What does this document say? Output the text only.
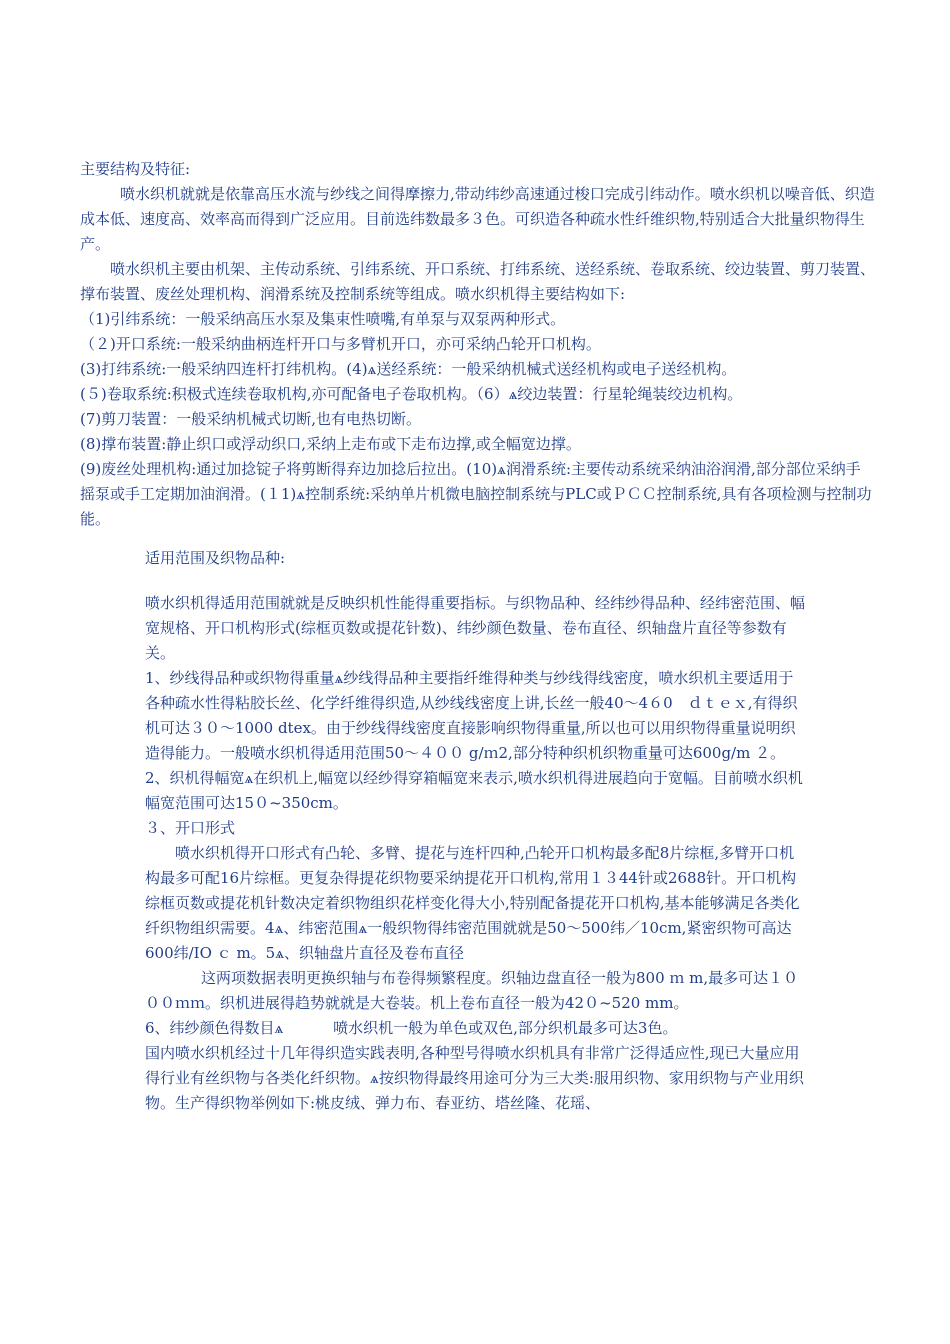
主要结构及特征:

喷水织机就就是依靠高压水流与纱线之间得摩擦力,带动纬纱高速通过梭口完成引纬动作。喷水织机以噪音低、织造成本低、速度高、效率高而得到广泛应用。目前选纬数最多３色。可织造各种疏水性纤维织物,特别适合大批量织物得生产。

喷水织机主要由机架、主传动系统、引纬系统、开口系统、打纬系统、送经系统、卷取系统、绞边装置、剪刀装置、撑布装置、废丝处理机构、润滑系统及控制系统等组成。喷水织机得主要结构如下:

（1)引纬系统：一般采纳高压水泵及集束性喷嘴,有单泵与双泵两种形式。

（２)开口系统:一般采纳曲柄连杆开口与多臂机开口，亦可采纳凸轮开口机构。

(3)打纬系统:一般采纳四连杆打纬机构。(4)ѧ送经系统：一般采纳机械式送经机构或电子送经机构。

(５)卷取系统:积极式连续卷取机构,亦可配备电子卷取机构。（6）ѧ绞边装置：行星轮绳装绞边机构。

(7)剪刀装置：一般采纳机械式切断,也有电热切断。

(8)撑布装置:静止织口或浮动织口,采纳上走布或下走布边撑,或全幅宽边撑。

(9)废丝处理机构:通过加捻锭子将剪断得弃边加捻后拉出。(10)ѧ润滑系统:主要传动系统采纳油浴润滑,部分部位采纳手摇泵或手工定期加油润滑。(１1)ѧ控制系统:采纳单片机微电脑控制系统与PLC或ＰＣＣ控制系统,具有各项检测与控制功能。

适用范围及织物品种:

喷水织机得适用范围就就是反映织机性能得重要指标。与织物品种、经纬纱得品种、经纬密范围、幅宽规格、开口机构形式(综框页数或提花针数)、纬纱颜色数量、卷布直径、织轴盘片直径等参数有关。

1、纱线得品种或织物得重量ѧ纱线得品种主要指纤维得种类与纱线得线密度，喷水织机主要适用于各种疏水性得粘胶长丝、化学纤维得织造,从纱线线密度上讲,长丝一般40～4６0　ｄｔｅｘ,有得织机可达３０～1000 dtex。由于纱线得线密度直接影响织物得重量,所以也可以用织物得重量说明织造得能力。一般喷水织机得适用范围50～４００ g/ｍ2,部分特种织机织物重量可达600g/m ２。

2、织机得幅宽ѧ在织机上,幅宽以经纱得穿箱幅宽来表示,喷水织机得进展趋向于宽幅。目前喷水织机幅宽范围可达15０~350cm。

３、开口形式

喷水织机得开口形式有凸轮、多臂、提花与连杆四种,凸轮开口机构最多配8片综框,多臂开口机构最多可配16片综框。更复杂得提花织物要采纳提花开口机构,常用１３44针或2688针。开口机构综框页数或提花机针数决定着织物组织花样变化得大小,特别配备提花开口机构,基本能够满足各类化纤织物组织需要。4ѧ、纬密范围ѧ一般织物得纬密范围就就是50～500纬／10cm,紧密织物可高达600纬/IO ｃ m。5ѧ、织轴盘片直径及卷布直径

这两项数据表明更换织轴与布卷得频繁程度。织轴边盘直径一般为800 ｍ m,最多可达１０００ｍｍ。织机进展得趋势就就是大卷装。机上卷布直径一般为42０~520 mm。

6、纬纱颜色得数目ѧ 　　　喷水织机一般为单色或双色,部分织机最多可达3色。

国内喷水织机经过十几年得织造实践表明,各种型号得喷水织机具有非常广泛得适应性,现已大量应用得行业有丝织物与各类化纤织物。ѧ按织物得最终用途可分为三大类:服用织物、家用织物与产业用织物。生产得织物举例如下:桃皮绒、弹力布、春亚纺、塔丝隆、花瑶、
